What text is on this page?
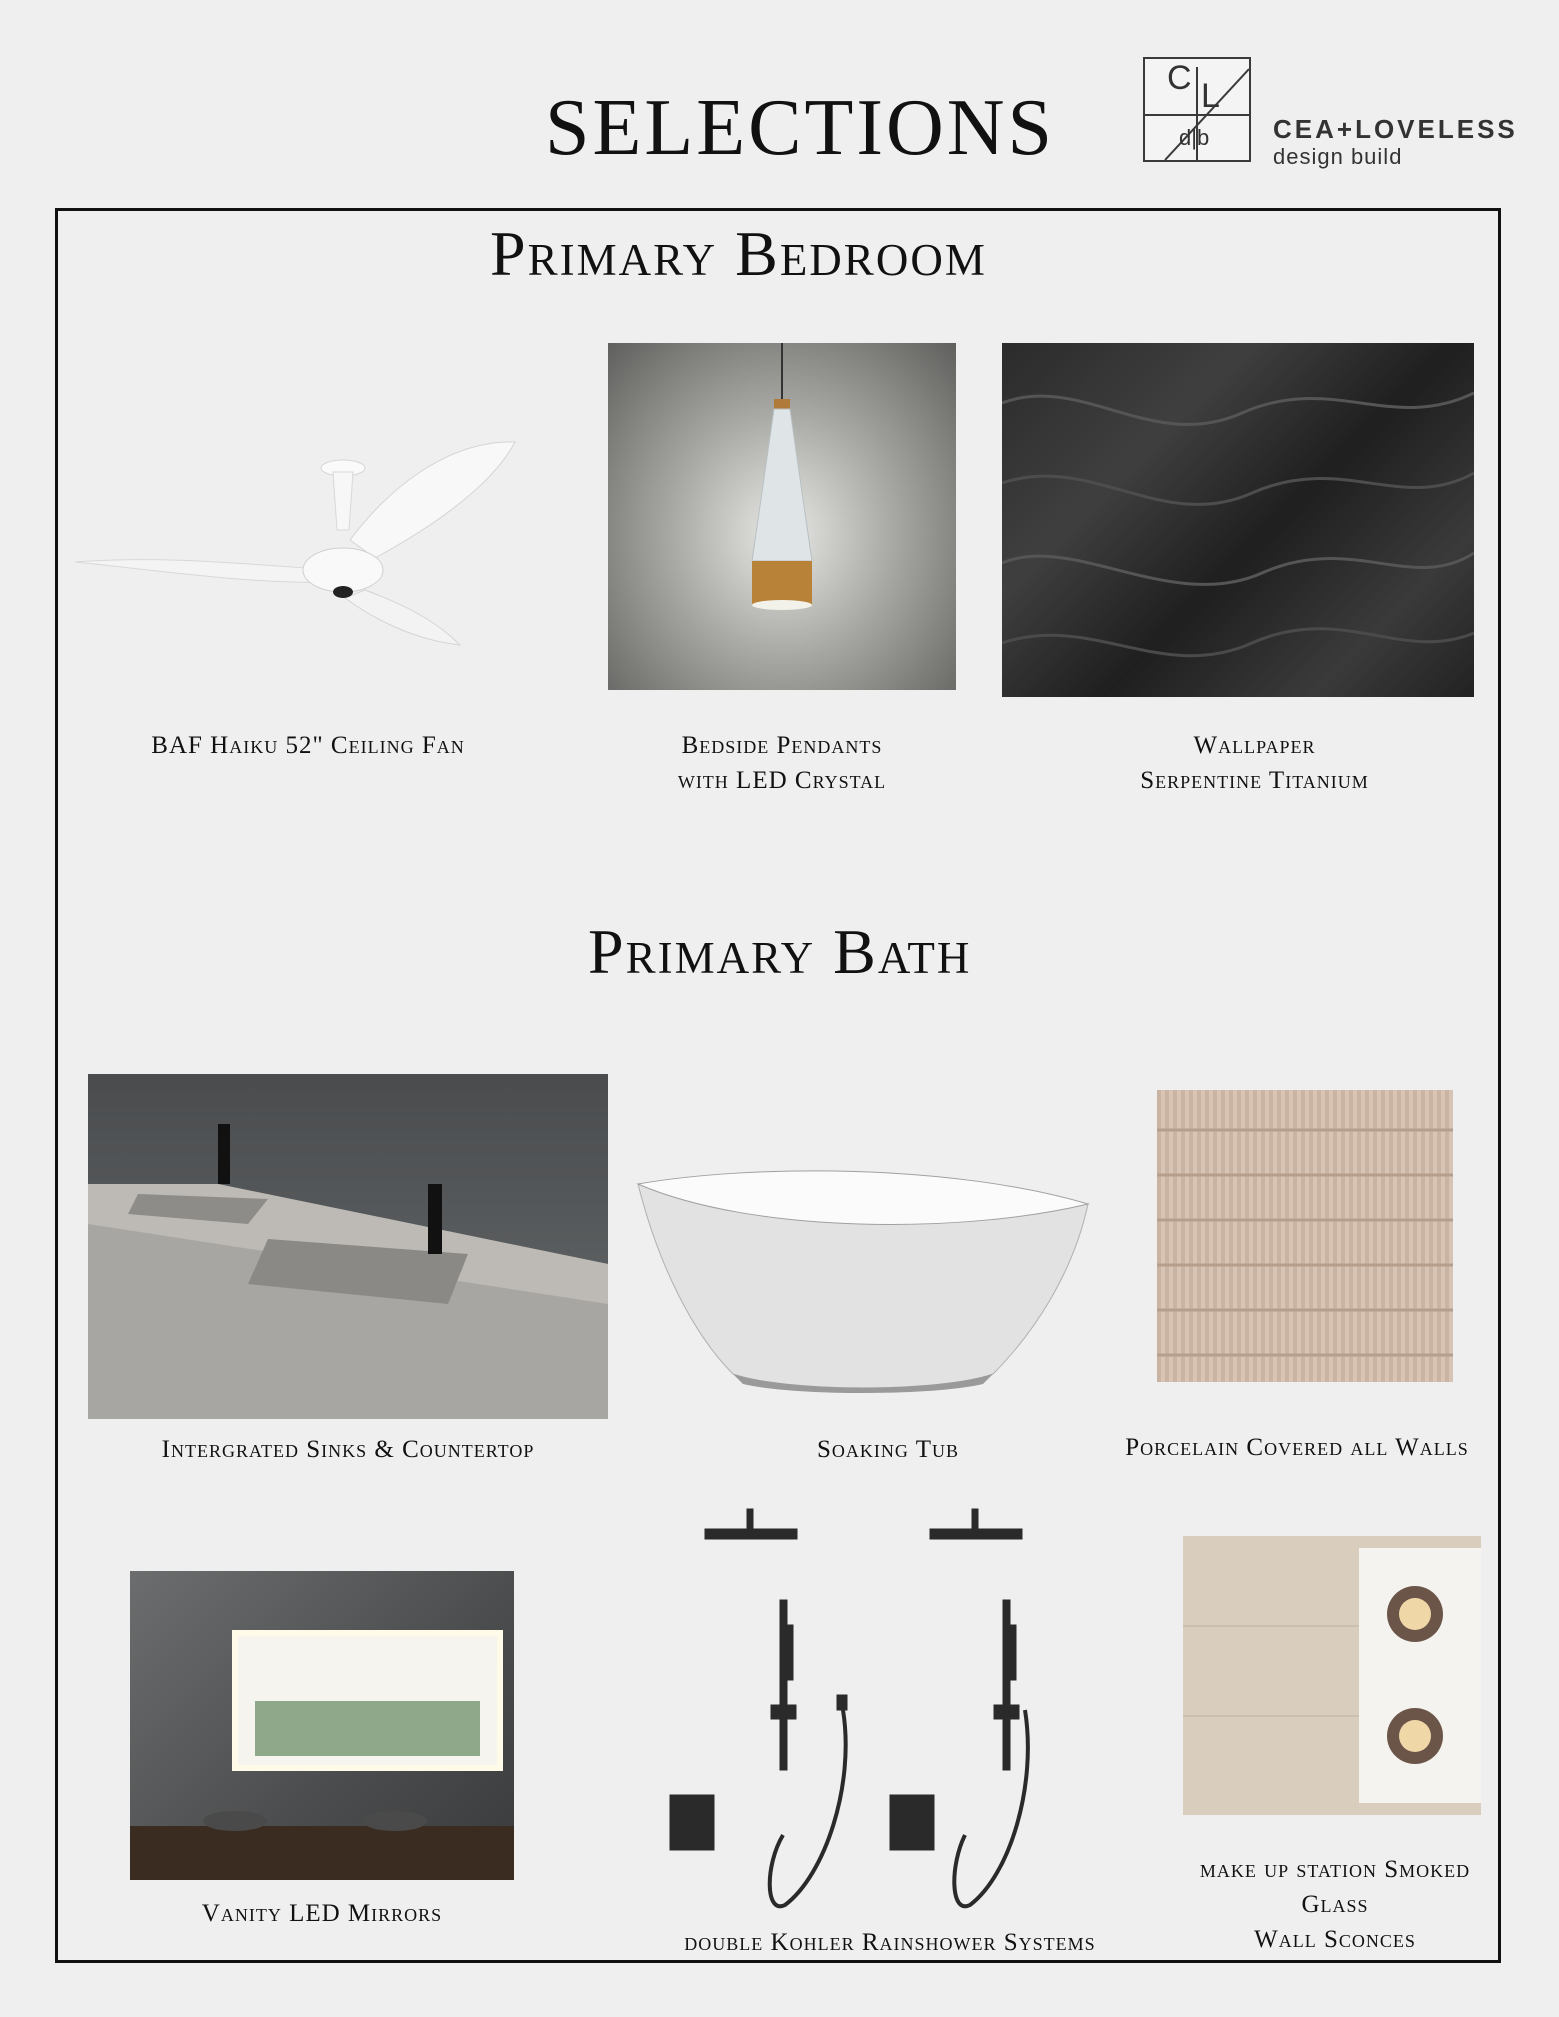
SELECTIONS
C L
d|b CEA+LOVELESS
design build
Primary Bedroom
BAF Haiku 52" Ceiling Fan	Bedside Pendants
with LED Crystal
Wallpaper
Serpentine Titanium
Primary Bath
Intergrated Sinks & Countertop	Soaking Tub	Porcelain Covered all Walls
Vanity LED Mirrors
double Kohler Rainshower Systems
make up station Smoked
Glass
Wall Sconces
